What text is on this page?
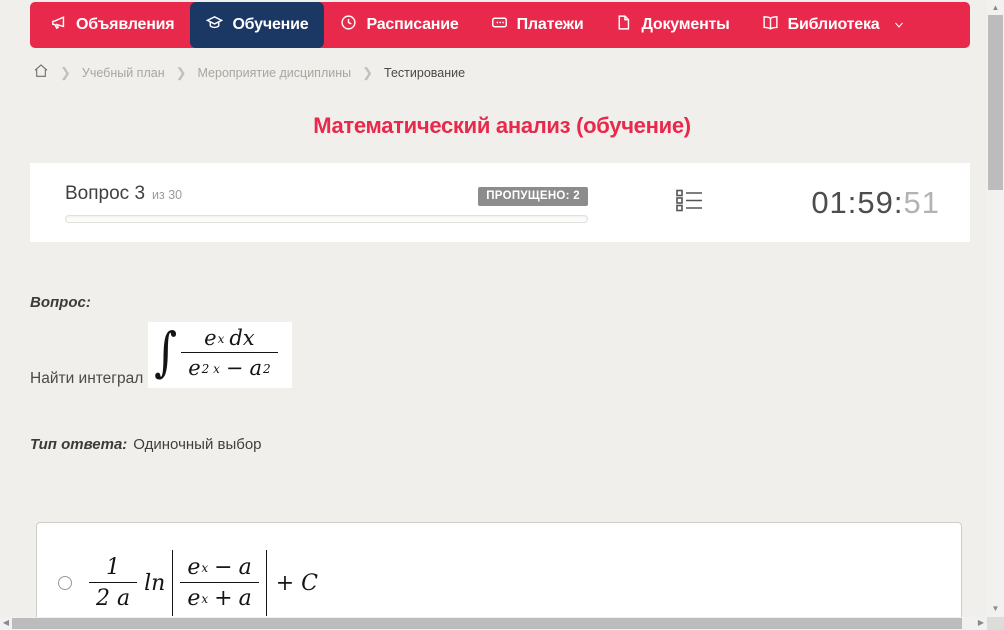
Объявления	Обучение	Расписание	Платежи	Документы	Библиотека
❯ Учебный план ❯ Мероприятие дисциплины ❯ Тестирование
Математический анализ (обучение)
Вопрос 3 из 30	ПРОПУЩЕНО: 2	01:59:51
Вопрос:
Найти интеграл ∫ $\frac{\text{e x dx}}{e 2 x - a 2}$
Тип ответа: Одиночный выбор
$\frac{1}{2 a}$ $\ln \frac{\text{e x − a}}{\text{e x + a}} + C$
▲
▼
◀	▶
